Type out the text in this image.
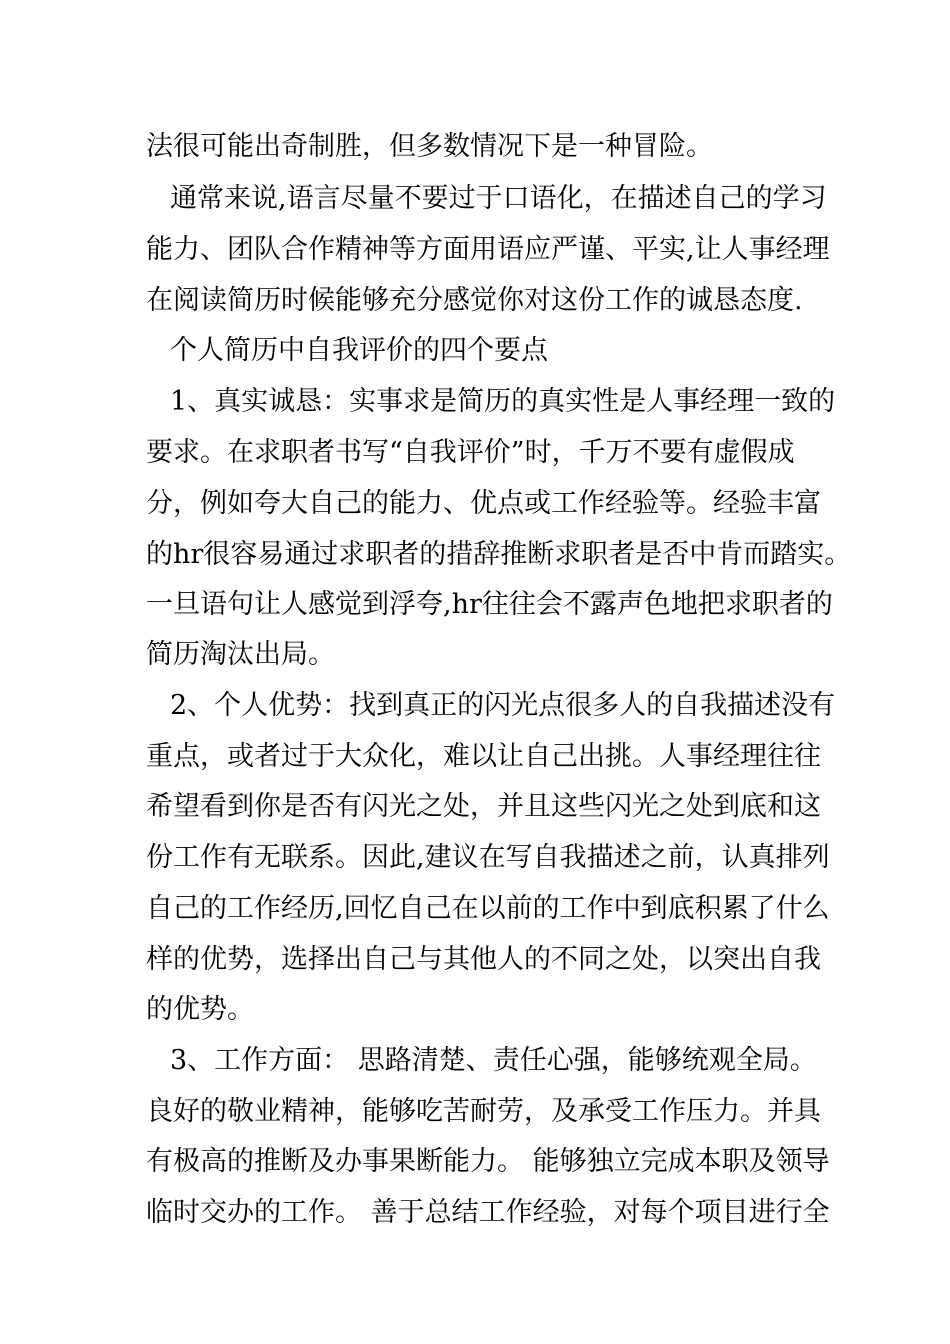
法很可能出奇制胜，但多数情况下是一种冒险。
通常来说,语言尽量不要过于口语化，在描述自己的学习
能力、团队合作精神等方面用语应严谨、平实,让人事经理
在阅读简历时候能够充分感觉你对这份工作的诚恳态度.
个人简历中自我评价的四个要点
1、真实诚恳：实事求是简历的真实性是人事经理一致的
要求。在求职者书写“自我评价”时，千万不要有虚假成
分，例如夸大自己的能力、优点或工作经验等。经验丰富
的hr很容易通过求职者的措辞推断求职者是否中肯而踏实。
一旦语句让人感觉到浮夸,hr往往会不露声色地把求职者的
简历淘汰出局。
2、个人优势：找到真正的闪光点很多人的自我描述没有
重点，或者过于大众化，难以让自己出挑。人事经理往往
希望看到你是否有闪光之处，并且这些闪光之处到底和这
份工作有无联系。因此,建议在写自我描述之前，认真排列
自己的工作经历,回忆自己在以前的工作中到底积累了什么
样的优势，选择出自己与其他人的不同之处，以突出自我
的优势。
3、工作方面： 思路清楚、责任心强，能够统观全局。
良好的敬业精神，能够吃苦耐劳，及承受工作压力。并具
有极高的推断及办事果断能力。 能够独立完成本职及领导
临时交办的工作。 善于总结工作经验，对每个项目进行全
